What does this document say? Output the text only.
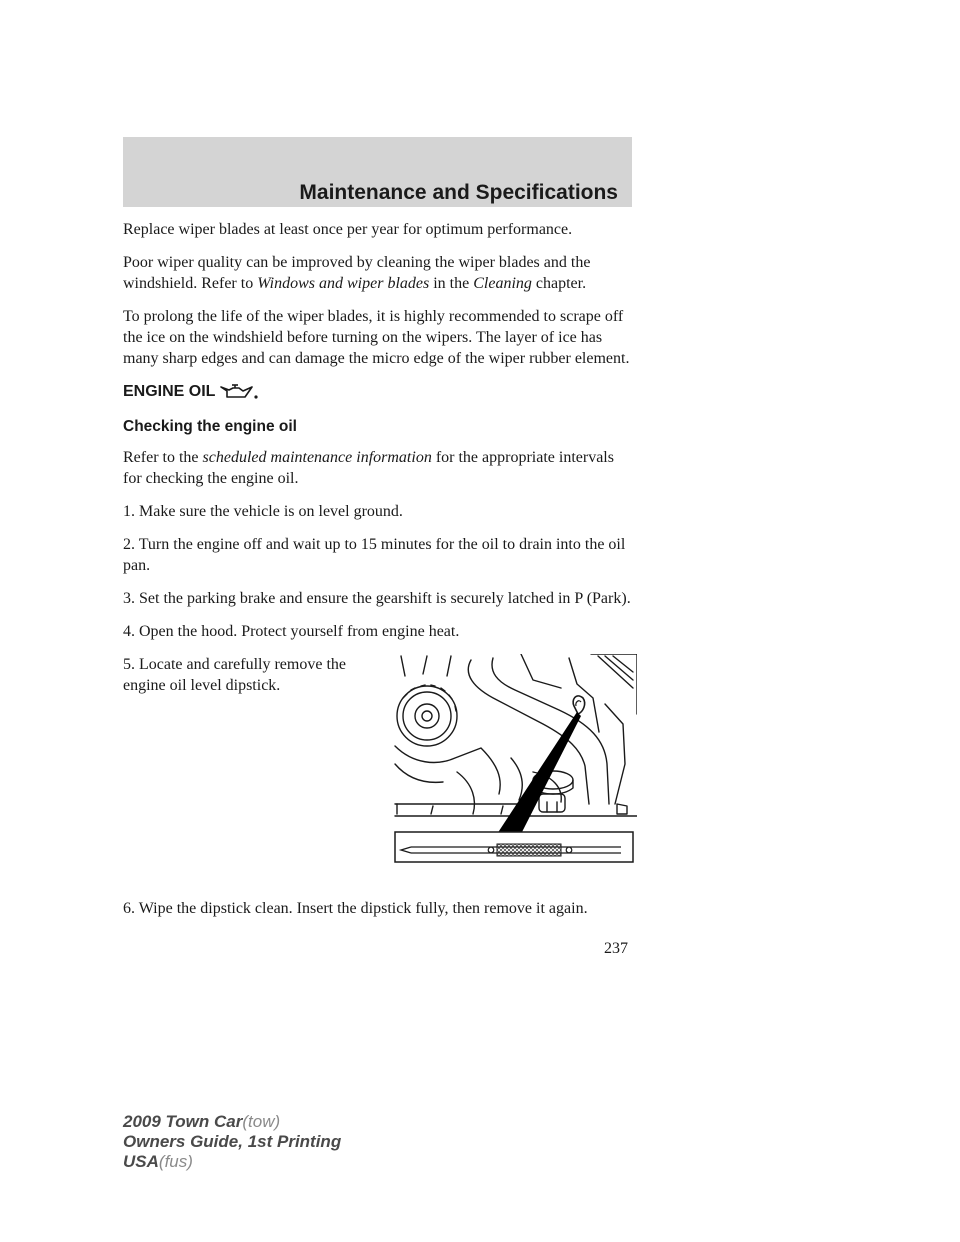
Maintenance and Specifications

Replace wiper blades at least once per year for optimum performance.

Poor wiper quality can be improved by cleaning the wiper blades and the windshield. Refer to Windows and wiper blades in the Cleaning chapter.

To prolong the life of the wiper blades, it is highly recommended to scrape off the ice on the windshield before turning on the wipers. The layer of ice has many sharp edges and can damage the micro edge of the wiper rubber element.

ENGINE OIL
Checking the engine oil

Refer to the scheduled maintenance information for the appropriate intervals for checking the engine oil.

1. Make sure the vehicle is on level ground.

2. Turn the engine off and wait up to 15 minutes for the oil to drain into the oil pan.

3. Set the parking brake and ensure the gearshift is securely latched in P (Park).

4. Open the hood. Protect yourself from engine heat.

5. Locate and carefully remove the engine oil level dipstick.

6. Wipe the dipstick clean. Insert the dipstick fully, then remove it again.

237
2009 Town Car(tow)
Owners Guide, 1st Printing
USA(fus)
